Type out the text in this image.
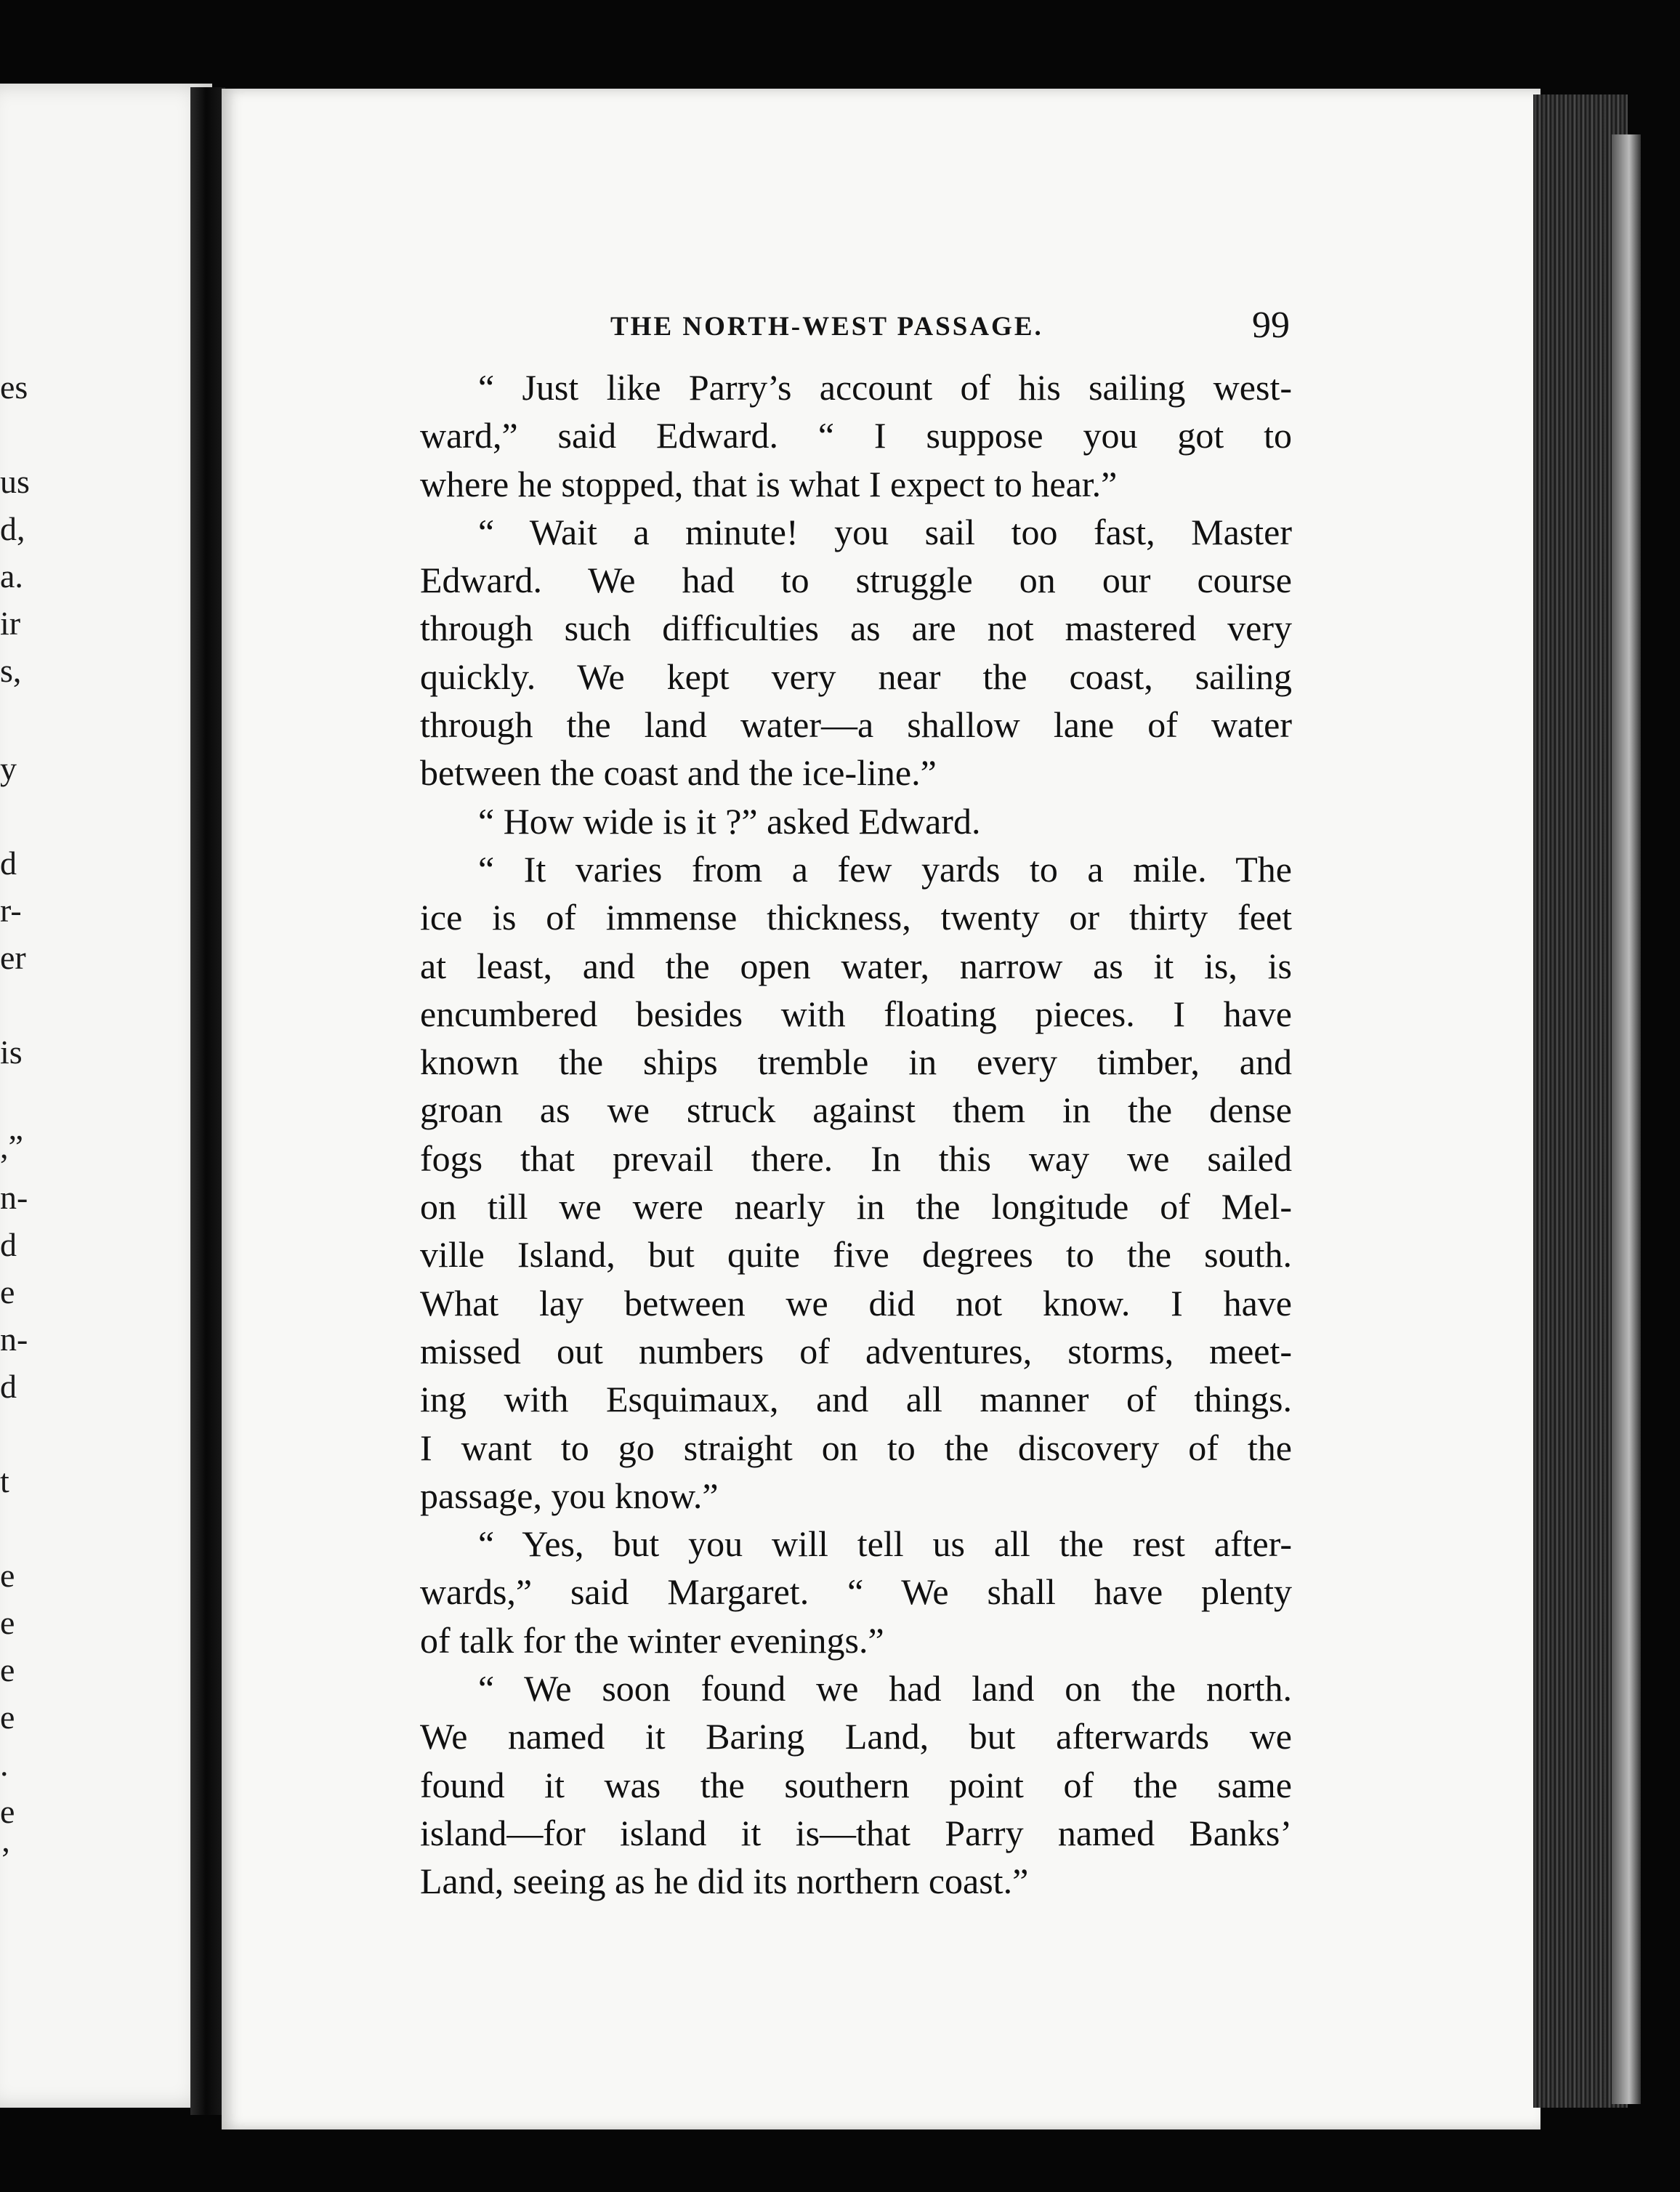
es
us
d,
a.
ir
s,
y
d
r-
er
is
,”
n-
d
e
n-
d
t
e
e
e
e
.
e
’
THE NORTH-WEST PASSAGE.	99
“ Just like Parry’s account of his sailing west-
ward,” said Edward. “ I suppose you got to
where he stopped, that is what I expect to hear.”
“ Wait a minute! you sail too fast, Master
Edward. We had to struggle on our course
through such difficulties as are not mastered very
quickly. We kept very near the coast, sailing
through the land water—a shallow lane of water
between the coast and the ice-line.”
“ How wide is it ?” asked Edward.
“ It varies from a few yards to a mile. The
ice is of immense thickness, twenty or thirty feet
at least, and the open water, narrow as it is, is
encumbered besides with floating pieces. I have
known the ships tremble in every timber, and
groan as we struck against them in the dense
fogs that prevail there. In this way we sailed
on till we were nearly in the longitude of Mel-
ville Island, but quite five degrees to the south.
What lay between we did not know. I have
missed out numbers of adventures, storms, meet-
ing with Esquimaux, and all manner of things.
I want to go straight on to the discovery of the
passage, you know.”
“ Yes, but you will tell us all the rest after-
wards,” said Margaret. “ We shall have plenty
of talk for the winter evenings.”
“ We soon found we had land on the north.
We named it Baring Land, but afterwards we
found it was the southern point of the same
island—for island it is—that Parry named Banks’
Land, seeing as he did its northern coast.”
